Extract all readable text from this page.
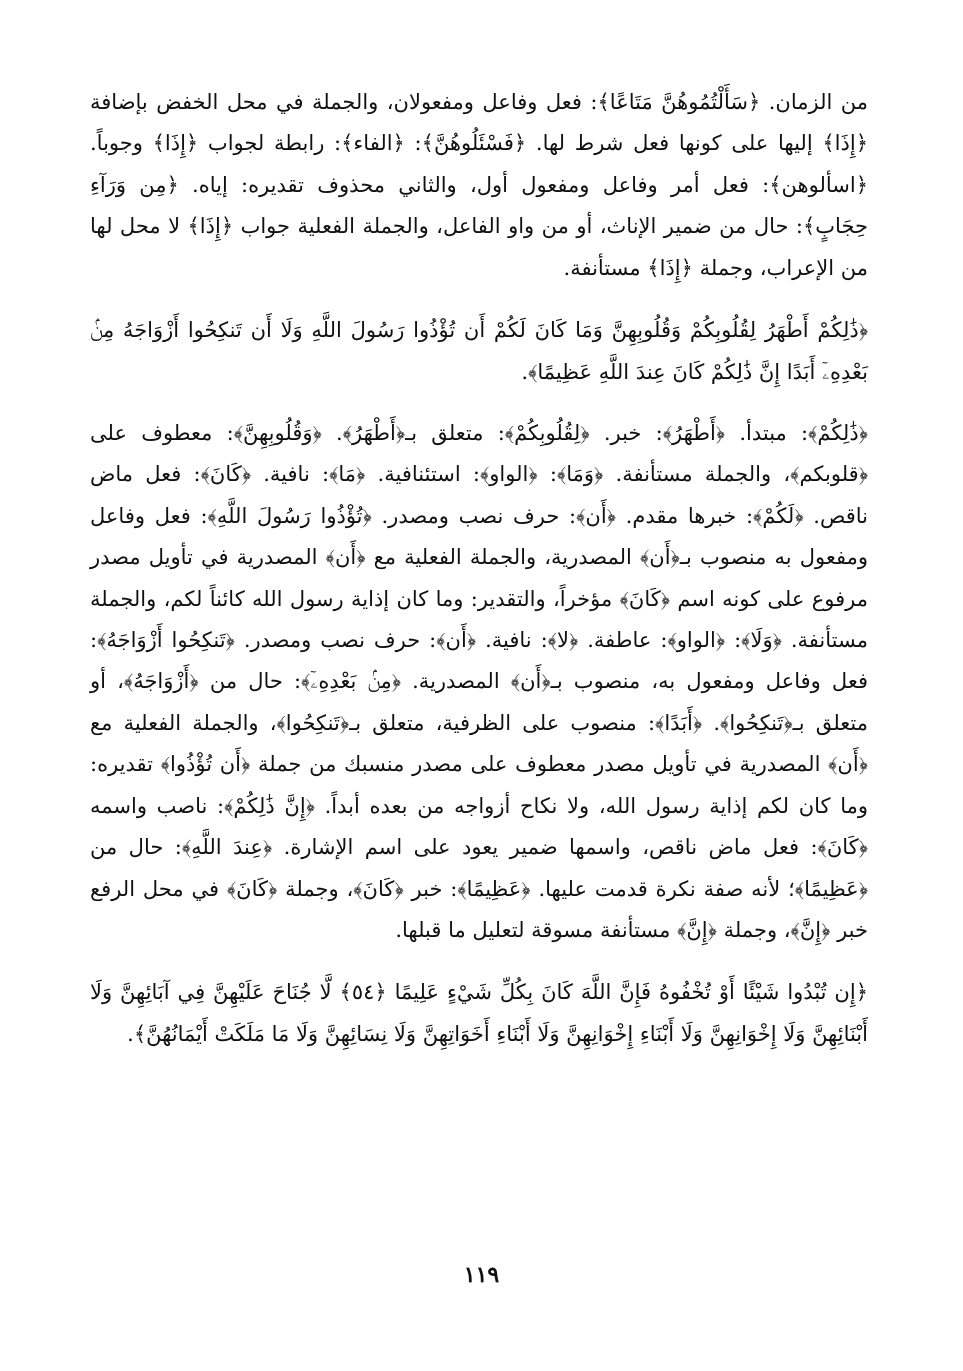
من الزمان. ﴿سَأَلْتُمُوهُنَّ مَتَاعًا﴾: فعل وفاعل ومفعولان، والجملة في محل الخفض بإضافة ﴿إِذَا﴾ إليها على كونها فعل شرط لها. ﴿فَسْئَلُوهُنَّ﴾: ﴿الفاء﴾: رابطة لجواب ﴿إِذَا﴾ وجوباً. ﴿اسألوهن﴾: فعل أمر وفاعل ومفعول أول، والثاني محذوف تقديره: إياه. ﴿مِن وَرَآءِ حِجَابٍ﴾: حال من ضمير الإناث، أو من واو الفاعل، والجملة الفعلية جواب ﴿إِذَا﴾ لا محل لها من الإعراب، وجملة ﴿إِذَا﴾ مستأنفة.

﴿ذَٰلِكُمْ أَطْهَرُ لِقُلُوبِكُمْ وَقُلُوبِهِنَّ وَمَا كَانَ لَكُمْ أَن تُؤْذُوا رَسُولَ اللَّهِ وَلَا أَن تَنكِحُوا أَزْوَاجَهُ مِنۢ بَعْدِهِۦٓ أَبَدًا إِنَّ ذَٰلِكُمْ كَانَ عِندَ اللَّهِ عَظِيمًا﴾.

﴿ذَٰلِكُمْ﴾: مبتدأ. ﴿أَطْهَرُ﴾: خبر. ﴿لِقُلُوبِكُمْ﴾: متعلق بـ﴿أَطْهَرُ﴾. ﴿وَقُلُوبِهِنَّ﴾: معطوف على ﴿قلوبكم﴾، والجملة مستأنفة. ﴿وَمَا﴾: ﴿الواو﴾: استئنافية. ﴿مَا﴾: نافية. ﴿كَانَ﴾: فعل ماض ناقص. ﴿لَكُمْ﴾: خبرها مقدم. ﴿أَن﴾: حرف نصب ومصدر. ﴿تُؤْذُوا رَسُولَ اللَّهِ﴾: فعل وفاعل ومفعول به منصوب بـ﴿أَن﴾ المصدرية، والجملة الفعلية مع ﴿أَن﴾ المصدرية في تأويل مصدر مرفوع على كونه اسم ﴿كَانَ﴾ مؤخراً، والتقدير: وما كان إذاية رسول الله كائناً لكم، والجملة مستأنفة. ﴿وَلَا﴾: ﴿الواو﴾: عاطفة. ﴿لا﴾: نافية. ﴿أَن﴾: حرف نصب ومصدر. ﴿تَنكِحُوا أَزْوَاجَهُ﴾: فعل وفاعل ومفعول به، منصوب بـ﴿أَن﴾ المصدرية. ﴿مِنۢ بَعْدِهِۦٓ﴾: حال من ﴿أَزْوَاجَهُ﴾، أو متعلق بـ﴿تَنكِحُوا﴾. ﴿أَبَدًا﴾: منصوب على الظرفية، متعلق بـ﴿تَنكِحُوا﴾، والجملة الفعلية مع ﴿أَن﴾ المصدرية في تأويل مصدر معطوف على مصدر منسبك من جملة ﴿أَن تُؤْذُوا﴾ تقديره: وما كان لكم إذاية رسول الله، ولا نكاح أزواجه من بعده أبداً. ﴿إِنَّ ذَٰلِكُمْ﴾: ناصب واسمه ﴿كَانَ﴾: فعل ماض ناقص، واسمها ضمير يعود على اسم الإشارة. ﴿عِندَ اللَّهِ﴾: حال من ﴿عَظِيمًا﴾؛ لأنه صفة نكرة قدمت عليها. ﴿عَظِيمًا﴾: خبر ﴿كَانَ﴾، وجملة ﴿كَانَ﴾ في محل الرفع خبر ﴿إِنَّ﴾، وجملة ﴿إِنَّ﴾ مستأنفة مسوقة لتعليل ما قبلها.

﴿إِن تُبْدُوا شَيْئًا أَوْ تُخْفُوهُ فَإِنَّ اللَّهَ كَانَ بِكُلِّ شَيْءٍ عَلِيمًا ﴿٥٤﴾ لَّا جُنَاحَ عَلَيْهِنَّ فِي آبَائِهِنَّ وَلَا أَبْنَائِهِنَّ وَلَا إِخْوَانِهِنَّ وَلَا أَبْنَاءِ إِخْوَانِهِنَّ وَلَا أَبْنَاءِ أَخَوَاتِهِنَّ وَلَا نِسَائِهِنَّ وَلَا مَا مَلَكَتْ أَيْمَانُهُنَّ﴾.

١١٩
